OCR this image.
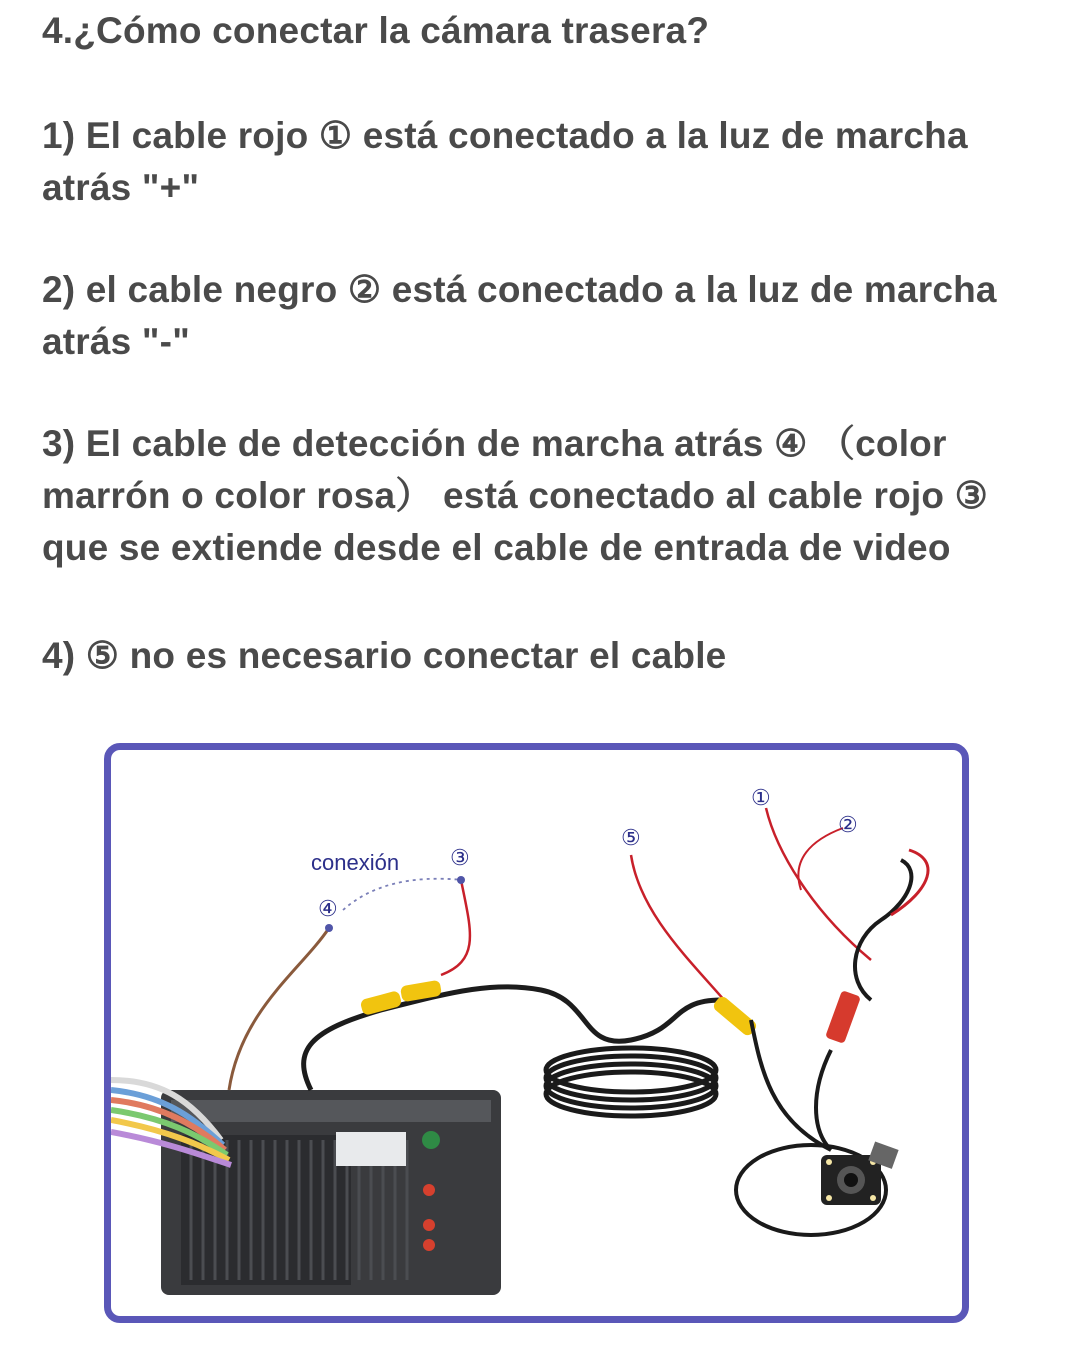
4.¿Cómo conectar la cámara trasera?
1) El cable rojo ① está conectado a la luz de marcha atrás "+"
2) el cable negro ② está conectado a la luz de marcha atrás "-"
3) El cable de detección de marcha atrás ④ （color marrón o color rosa） está conectado al cable rojo ③ que se extiende desde el cable de entrada de video
4) ⑤ no es necesario conectar el cable
conexión ③
④
⑤
①
②
